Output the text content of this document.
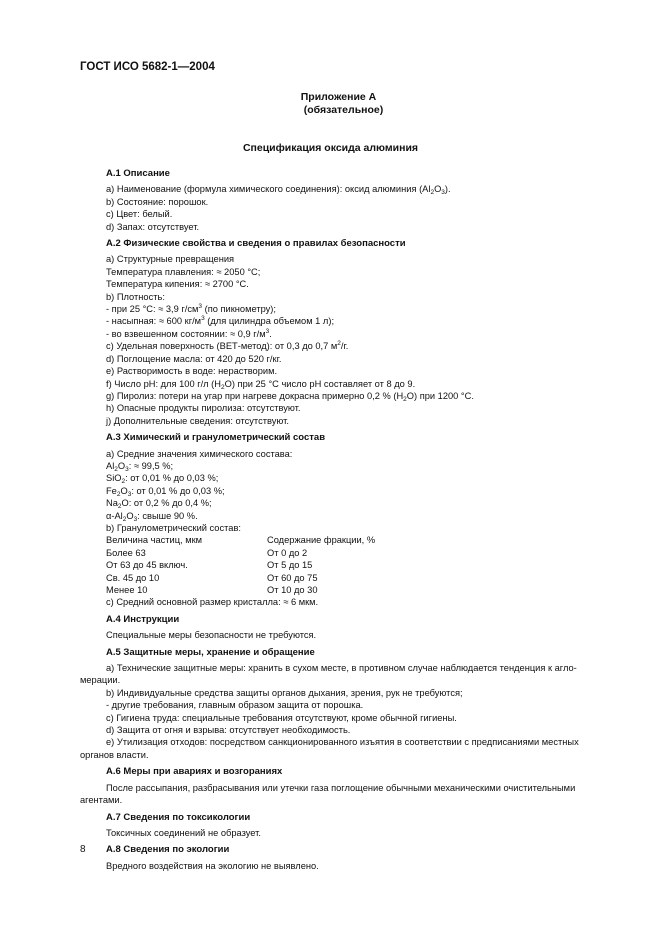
ГОСТ ИСО 5682-1—2004
Приложение А
(обязательное)
Спецификация оксида алюминия
А.1 Описание
а) Наименование (формула химического соединения): оксид алюминия $(Al_2O_3)$.
b) Состояние: порошок.
c) Цвет: белый.
d) Запах: отсутствует.
А.2 Физические свойства и сведения о правилах безопасности
а) Структурные превращения
Температура плавления: ≈ 2050 °С;
Температура кипения: ≈ 2700 °С.
b) Плотность:
- при 25 °С: ≈ 3,9 $г/см^3$ (по пикнометру);
- насыпная: ≈ 600 $кг/м^3$ (для цилиндра объемом 1 л);
- во взвешенном состоянии: ≈ 0,9 $г/м^3$.
с) Удельная поверхность (ВЕТ-метод): от 0,3 до 0,7 $м^2/г$.
d) Поглощение масла: от 420 до 520 г/кг.
е) Растворимость в воде: нерастворим.
f) Число pH: для 100 г/л $(H_2O)$ при 25 °С число pH составляет от 8 до 9.
g) Пиролиз: потери на угар при нагреве докрасна примерно 0,2 % $(H_2O)$ при 1200 °С.
h) Опасные продукты пиролиза: отсутствуют.
j) Дополнительные сведения: отсутствуют.
А.3 Химический и гранулометрический состав
а) Средние значения химического состава:
$Al_2O_3$: ≈ 99,5 %;
SiO$_2$: от 0,01 % до 0,03 %;
$Fe_2O_3$: от 0,01 % до 0,03 %;
$Na_2O$: от 0,2 % до 0,4 %;
$\alpha-Al_2O_3$: свыше 90 %.
b) Гранулометрический состав:
Величина частиц, мкм	Содержание фракции, %
Более 63	От 0 до 2
От 63 до 45 включ.	От 5 до 15
Св. 45 до 10	От 60 до 75
Менее 10	От 10 до 30
с) Средний основной размер кристалла: ≈ 6 мкм.
А.4 Инструкции
Специальные меры безопасности не требуются.
А.5 Защитные меры, хранение и обращение
а) Технические защитные меры: хранить в сухом месте, в противном случае наблюдается тенденция к агло-
мерации.
b) Индивидуальные средства защиты органов дыхания, зрения, рук не требуются;
- другие требования, главным образом защита от порошка.
с) Гигиена труда: специальные требования отсутствуют, кроме обычной гигиены.
d) Защита от огня и взрыва: отсутствует необходимость.
е) Утилизация отходов: посредством санкционированного изъятия в соответствии с предписаниями местных
органов власти.
А.6 Меры при авариях и возгораниях
После рассыпания, разбрасывания или утечки газа поглощение обычными механическими очистительными
агентами.
А.7 Сведения по токсикологии
Токсичных соединений не образует.
А.8 Сведения по экологии
Вредного воздействия на экологию не выявлено.
8
